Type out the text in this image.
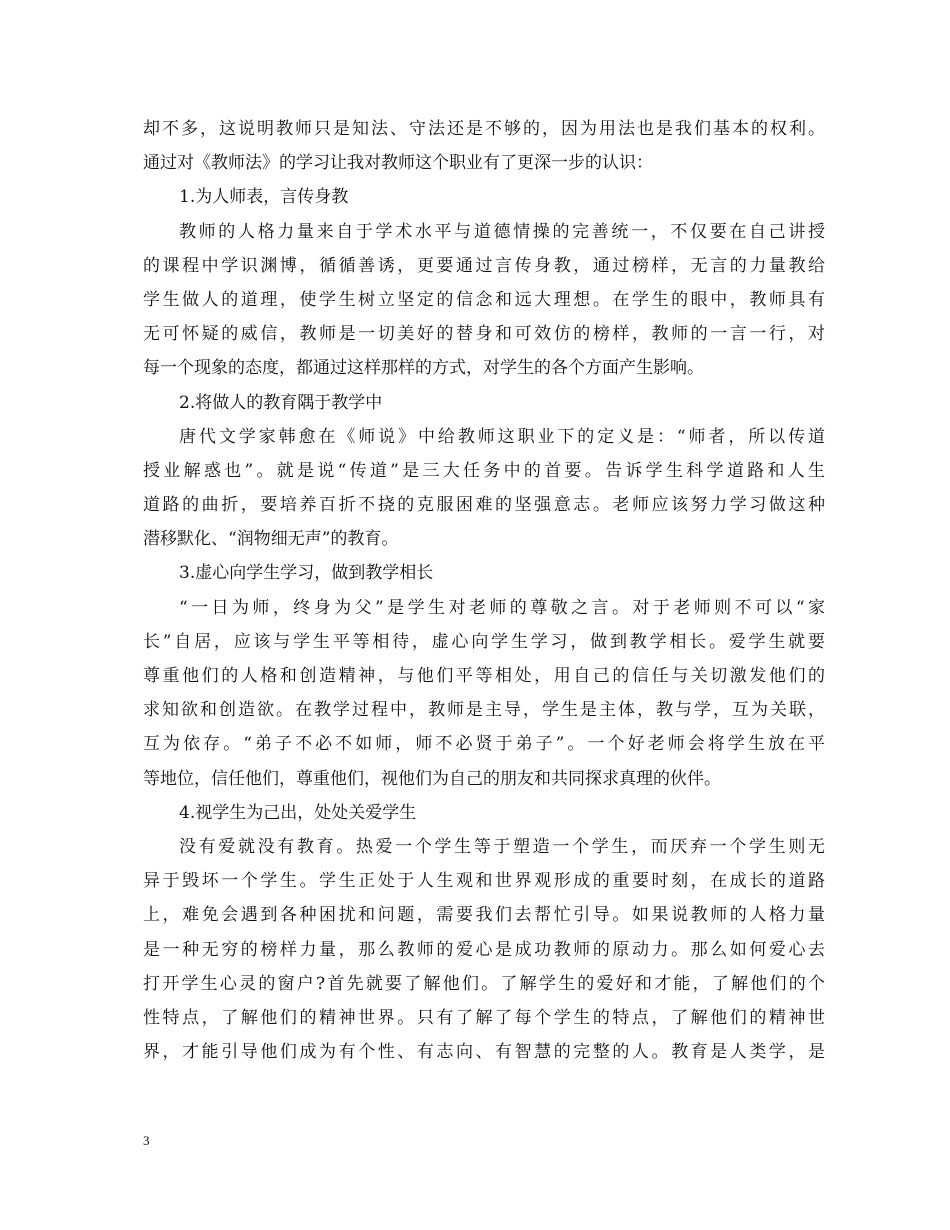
却不多，这说明教师只是知法、守法还是不够的，因为用法也是我们基本的权利。
通过对《教师法》的学习让我对教师这个职业有了更深一步的认识：
1.为人师表，言传身教
教师的人格力量来自于学术水平与道德情操的完善统一，不仅要在自己讲授
的课程中学识渊博，循循善诱，更要通过言传身教，通过榜样，无言的力量教给
学生做人的道理，使学生树立坚定的信念和远大理想。在学生的眼中，教师具有
无可怀疑的威信，教师是一切美好的替身和可效仿的榜样，教师的一言一行，对
每一个现象的态度，都通过这样那样的方式，对学生的各个方面产生影响。
2.将做人的教育隅于教学中
唐代文学家韩愈在《师说》中给教师这职业下的定义是：“师者，所以传道
授业解惑也”。就是说“传道”是三大任务中的首要。告诉学生科学道路和人生
道路的曲折，要培养百折不挠的克服困难的坚强意志。老师应该努力学习做这种
潜移默化、“润物细无声”的教育。
3.虚心向学生学习，做到教学相长
“一日为师，终身为父”是学生对老师的尊敬之言。对于老师则不可以“家
长”自居，应该与学生平等相待，虚心向学生学习，做到教学相长。爱学生就要
尊重他们的人格和创造精神，与他们平等相处，用自己的信任与关切激发他们的
求知欲和创造欲。在教学过程中，教师是主导，学生是主体，教与学，互为关联，
互为依存。“弟子不必不如师，师不必贤于弟子”。一个好老师会将学生放在平
等地位，信任他们，尊重他们，视他们为自己的朋友和共同探求真理的伙伴。
4.视学生为己出，处处关爱学生
没有爱就没有教育。热爱一个学生等于塑造一个学生，而厌弃一个学生则无
异于毁坏一个学生。学生正处于人生观和世界观形成的重要时刻，在成长的道路
上，难免会遇到各种困扰和问题，需要我们去帮忙引导。如果说教师的人格力量
是一种无穷的榜样力量，那么教师的爱心是成功教师的原动力。那么如何爱心去
打开学生心灵的窗户?首先就要了解他们。了解学生的爱好和才能，了解他们的个
性特点，了解他们的精神世界。只有了解了每个学生的特点，了解他们的精神世
界，才能引导他们成为有个性、有志向、有智慧的完整的人。教育是人类学，是
3
